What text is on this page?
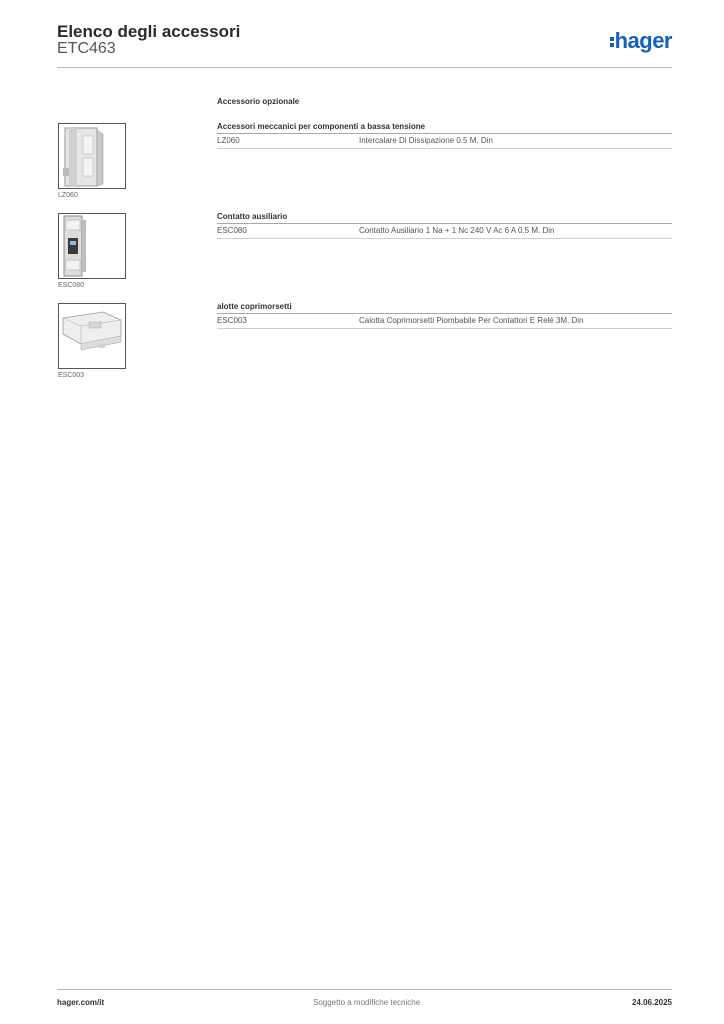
Elenco degli accessori
ETC463	hager
Accessorio opzionale
LZ060
Accessori meccanici per componenti a bassa tensione
LZ060	Intercalare Di Dissipazione 0.5 M. Din
ESC080
Contatto ausiliario
ESC080	Contatto Ausiliario 1 Na + 1 Nc 240 V Ac 6 A 0.5 M. Din
ESC003
alotte coprimorsetti
ESC003	Calotta Coprimorsetti Piombabile Per Contattori E Relé 3M. Din
hager.com/it	Soggetto a modifiche tecniche	24.06.2025
